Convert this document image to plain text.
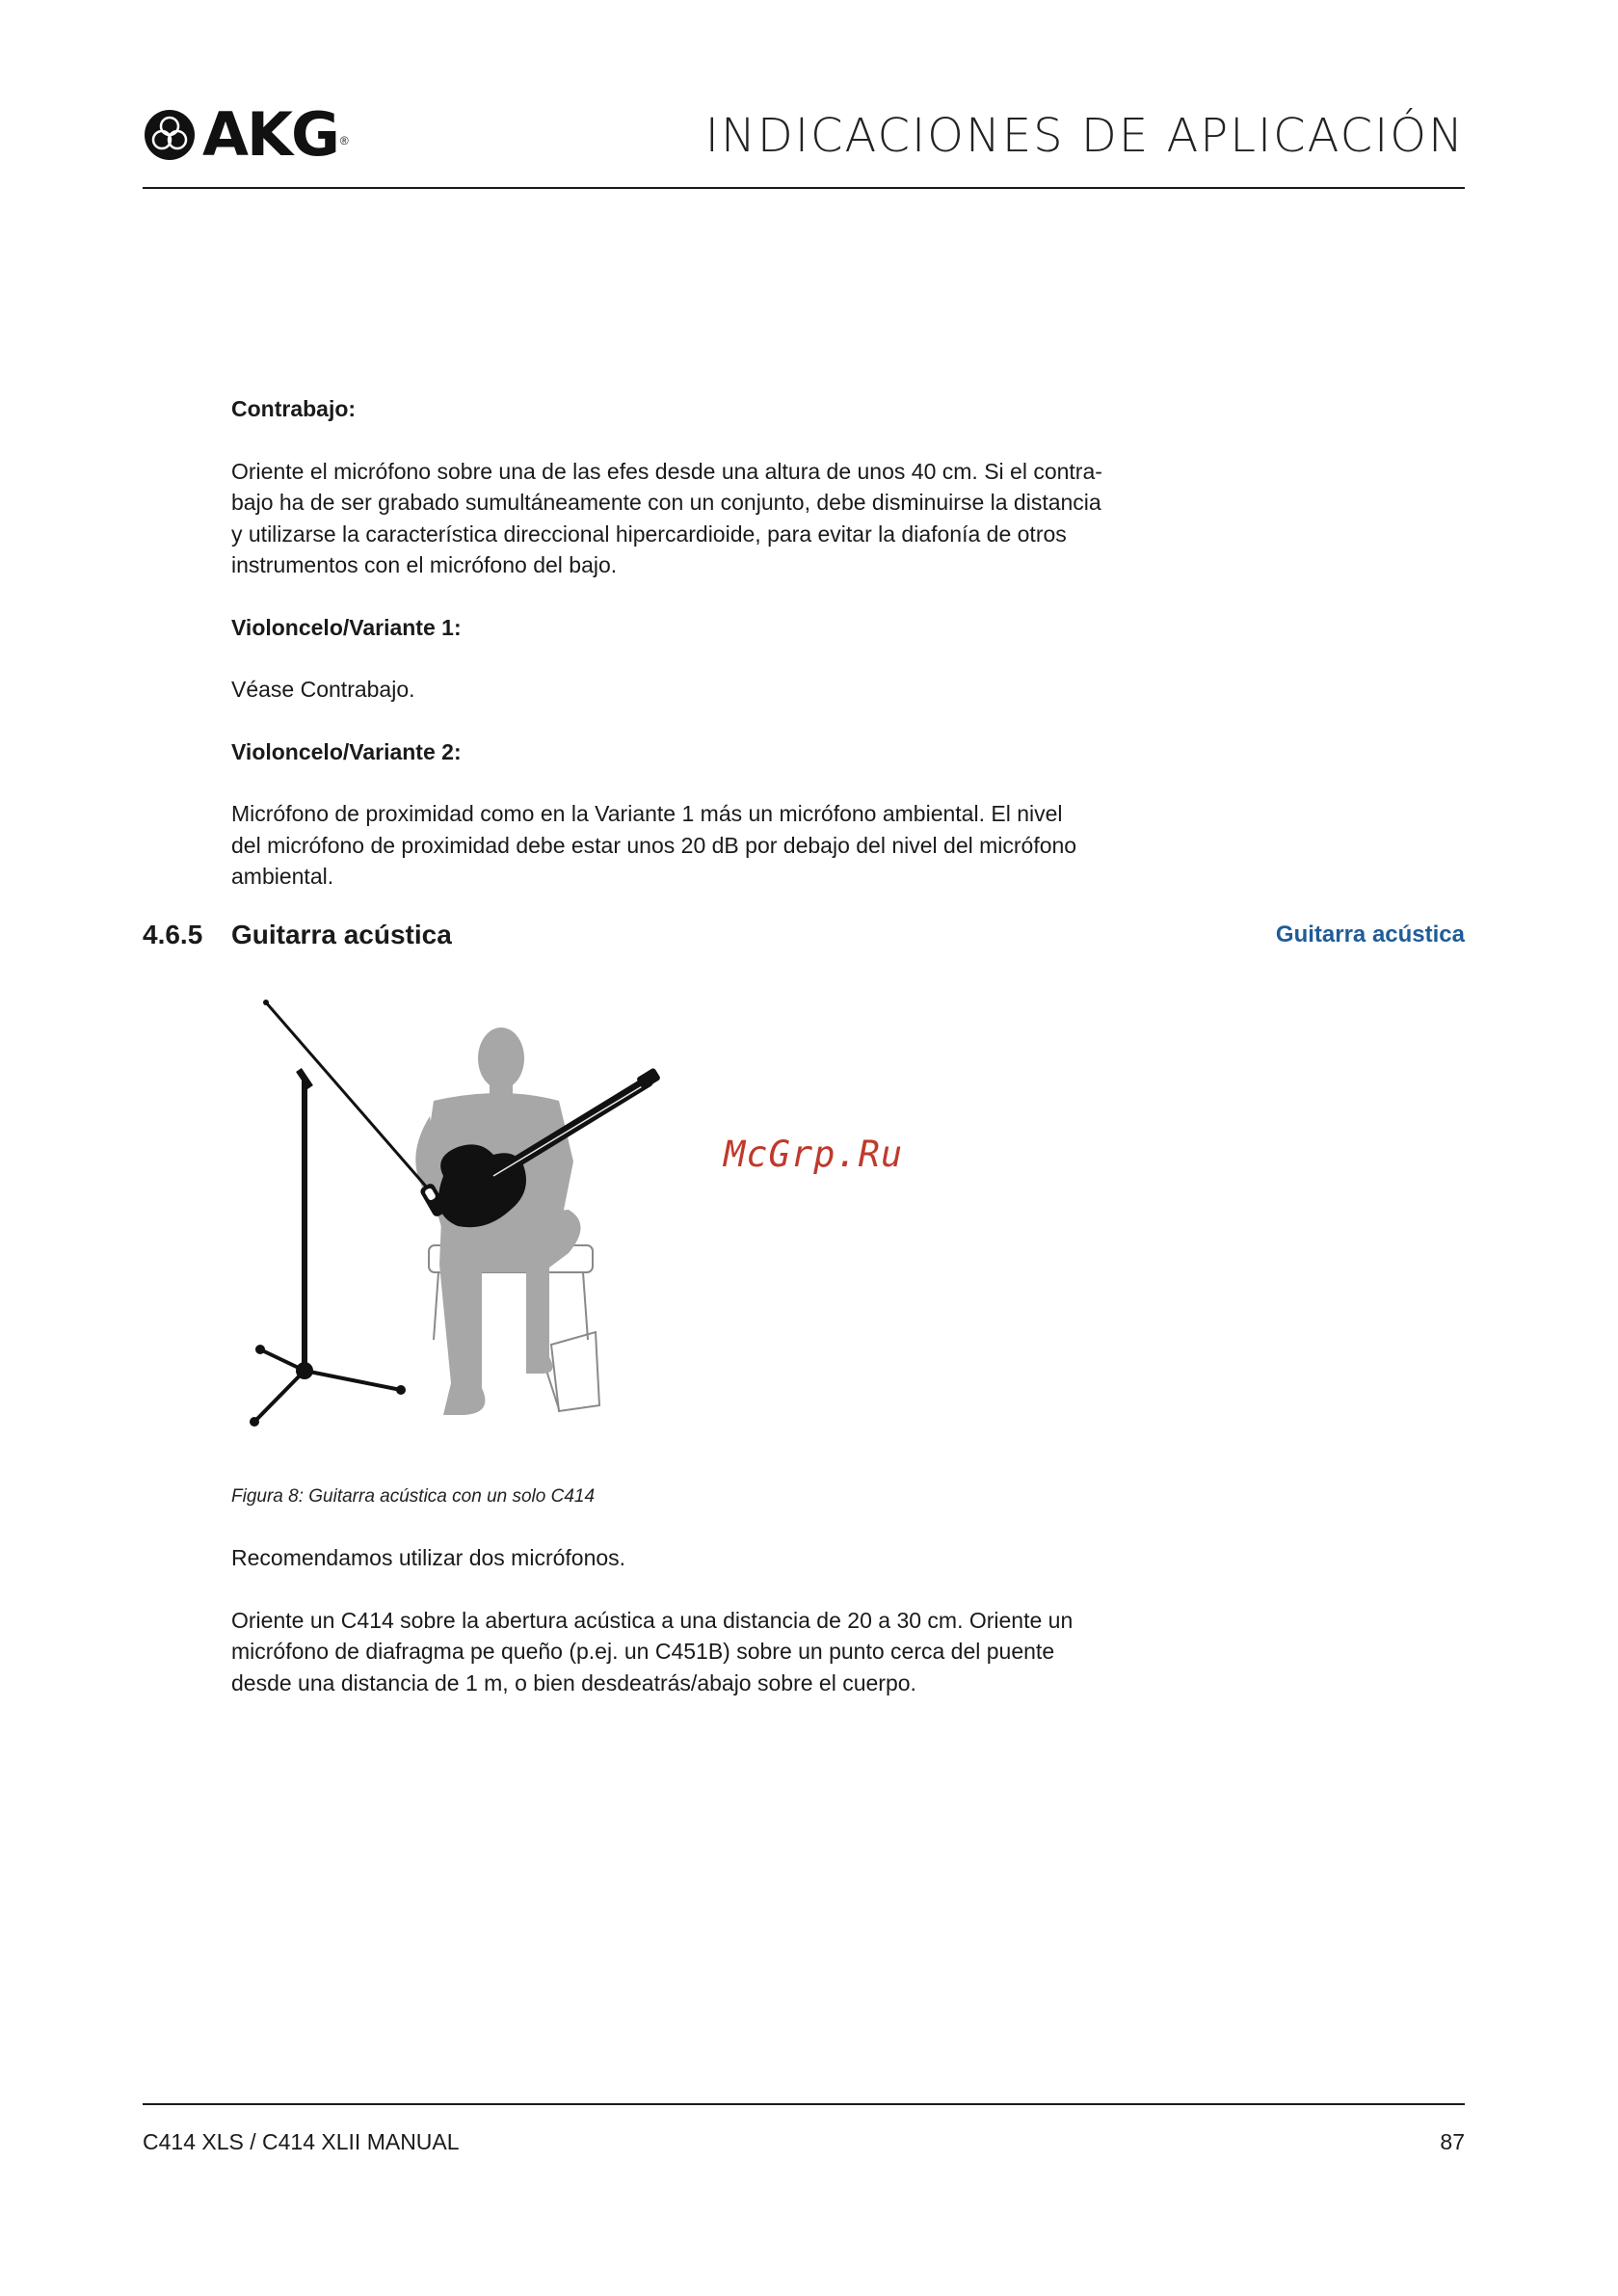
AKG ®	INDICACIONES DE APLICACIÓN

Contrabajo:

Oriente el micrófono sobre una de las efes desde una altura de unos 40 cm. Si el contra-

bajo ha de ser grabado sumultáneamente con un conjunto, debe disminuirse la distancia

y utilizarse la característica direccional hipercardioide, para evitar la diafonía de otros

instrumentos con el micrófono del bajo.

Violoncelo/Variante 1:

Véase Contrabajo.

Violoncelo/Variante 2:

Micrófono de proximidad como en la Variante 1 más un micrófono ambiental. El nivel

del micrófono de proximidad debe estar unos 20 dB por debajo del nivel del micrófono

ambiental.

4.6.5 Guitarra acústica	Guitarra acústica
McGrp.Ru
Figura 8: Guitarra acústica con un solo C414

Recomendamos utilizar dos micrófonos.

Oriente un C414 sobre la abertura acústica a una distancia de 20 a 30 cm. Oriente un

micrófono de diafragma pe queño (p.ej. un C451B) sobre un punto cerca del puente

desde una distancia de 1 m, o bien desdeatrás/abajo sobre el cuerpo.

C414 XLS / C414 XLII MANUAL	87
